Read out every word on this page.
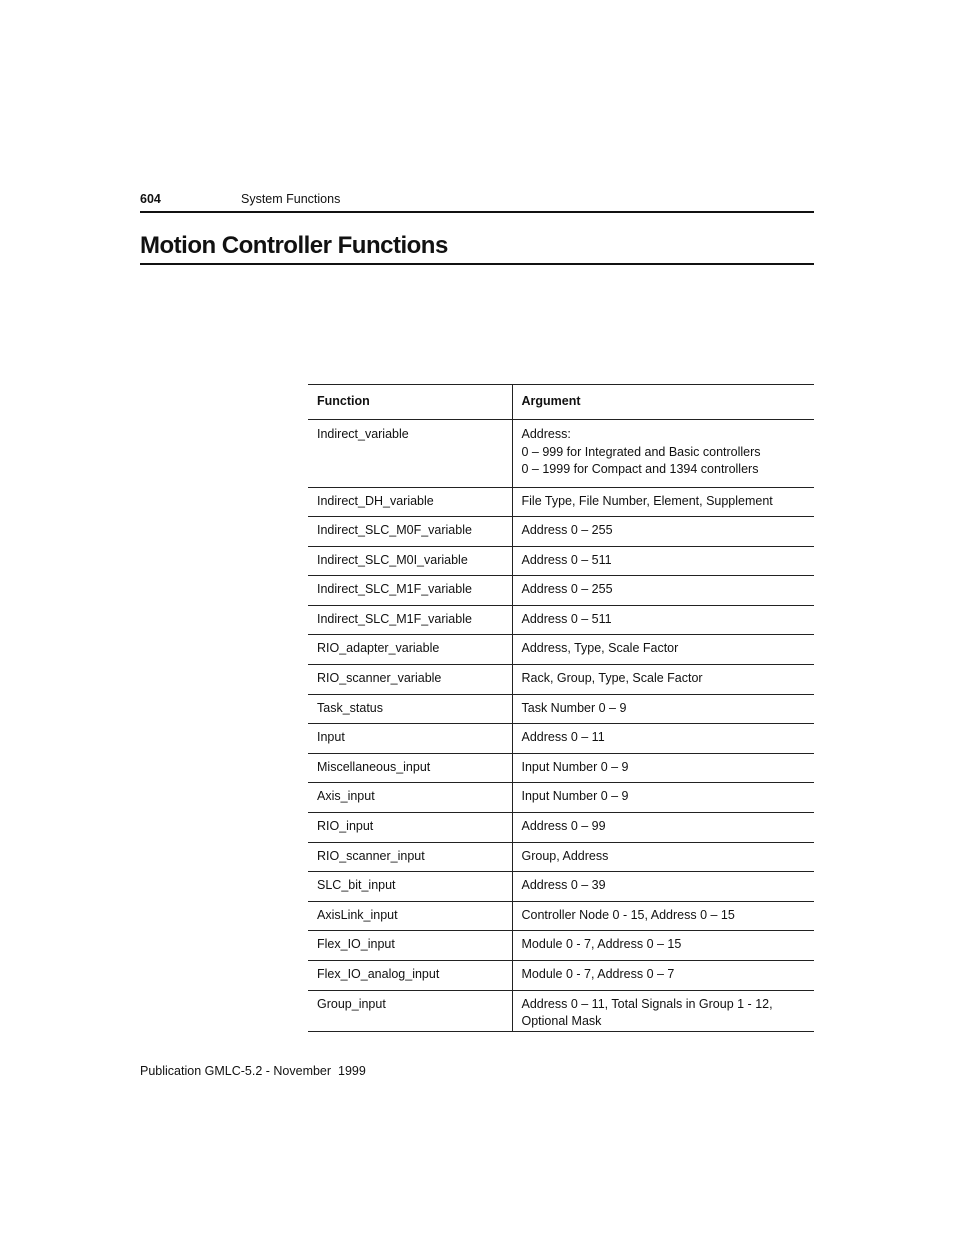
604	System Functions
Motion Controller Functions
Function	Argument
Indirect_variable	Address:
0 – 999 for Integrated and Basic controllers
0 – 1999 for Compact and 1394 controllers

Indirect_DH_variable	File Type, File Number, Element, Supplement

Indirect_SLC_M0F_variable	Address 0 – 255

Indirect_SLC_M0I_variable	Address 0 – 511

Indirect_SLC_M1F_variable	Address 0 – 255

Indirect_SLC_M1F_variable	Address 0 – 511

RIO_adapter_variable	Address, Type, Scale Factor

RIO_scanner_variable	Rack, Group, Type, Scale Factor

Task_status	Task Number 0 – 9

Input	Address 0 – 11

Miscellaneous_input	Input Number 0 – 9

Axis_input	Input Number 0 – 9

RIO_input	Address 0 – 99

RIO_scanner_input	Group, Address

SLC_bit_input	Address 0 – 39

AxisLink_input	Controller Node 0 - 15, Address 0 – 15

Flex_IO_input	Module 0 - 7, Address 0 – 15

Flex_IO_analog_input	Module 0 - 7, Address 0 – 7

Group_input	Address 0 – 11, Total Signals in Group 1 - 12, Optional Mask
Publication GMLC-5.2 - November  1999
